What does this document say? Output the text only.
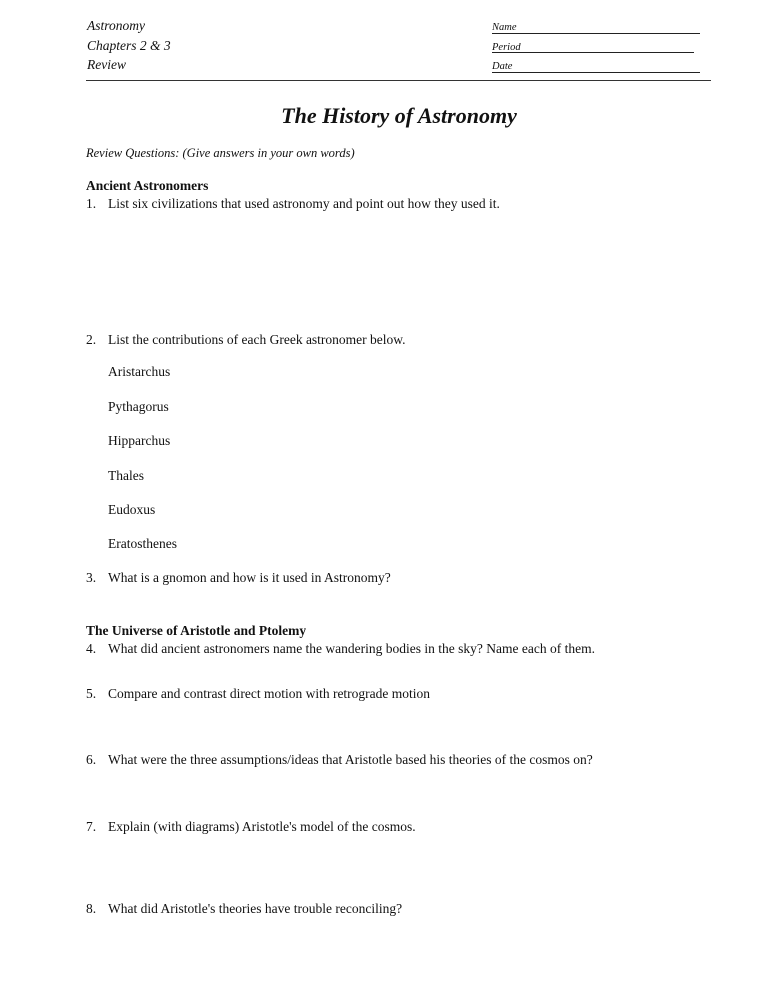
Astronomy
Chapters 2 & 3
Review
Name
Period
Date
The History of Astronomy
Review Questions: (Give answers in your own words)
Ancient Astronomers
1. List six civilizations that used astronomy and point out how they used it.
2. List the contributions of each Greek astronomer below.
Aristarchus
Pythagorus
Hipparchus
Thales
Eudoxus
Eratosthenes
3. What is a gnomon and how is it used in Astronomy?
The Universe of Aristotle and Ptolemy
4. What did ancient astronomers name the wandering bodies in the sky? Name each of them.
5. Compare and contrast direct motion with retrograde motion
6. What were the three assumptions/ideas that Aristotle based his theories of the cosmos on?
7. Explain (with diagrams) Aristotle's model of the cosmos.
8. What did Aristotle's theories have trouble reconciling?
